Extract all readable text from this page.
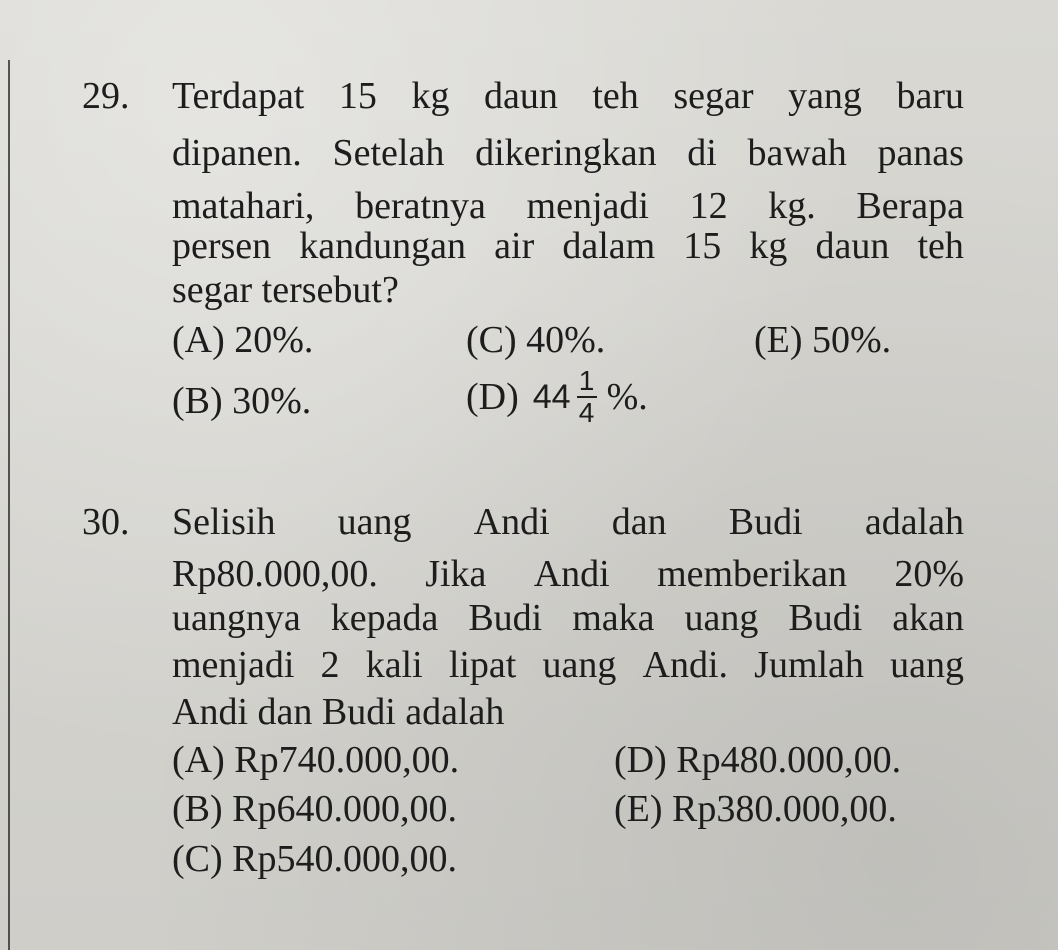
29. Terdapat 15 kg daun teh segar yang baru
dipanen. Setelah dikeringkan di bawah panas
matahari, beratnya menjadi 12 kg. Berapa
persen kandungan air dalam 15 kg daun teh
segar tersebut?
(A) 20%.	(C) 40%.	(E) 50%.
(B) 30%.	(D) $44 \frac{1}{4}$ %.
30. Selisih uang Andi dan Budi adalah
Rp80.000,00. Jika Andi memberikan 20%
uangnya kepada Budi maka uang Budi akan
menjadi 2 kali lipat uang Andi. Jumlah uang
Andi dan Budi adalah
(A) Rp740.000,00.	(D) Rp480.000,00.
(B) Rp640.000,00.	(E) Rp380.000,00.
(C) Rp540.000,00.
